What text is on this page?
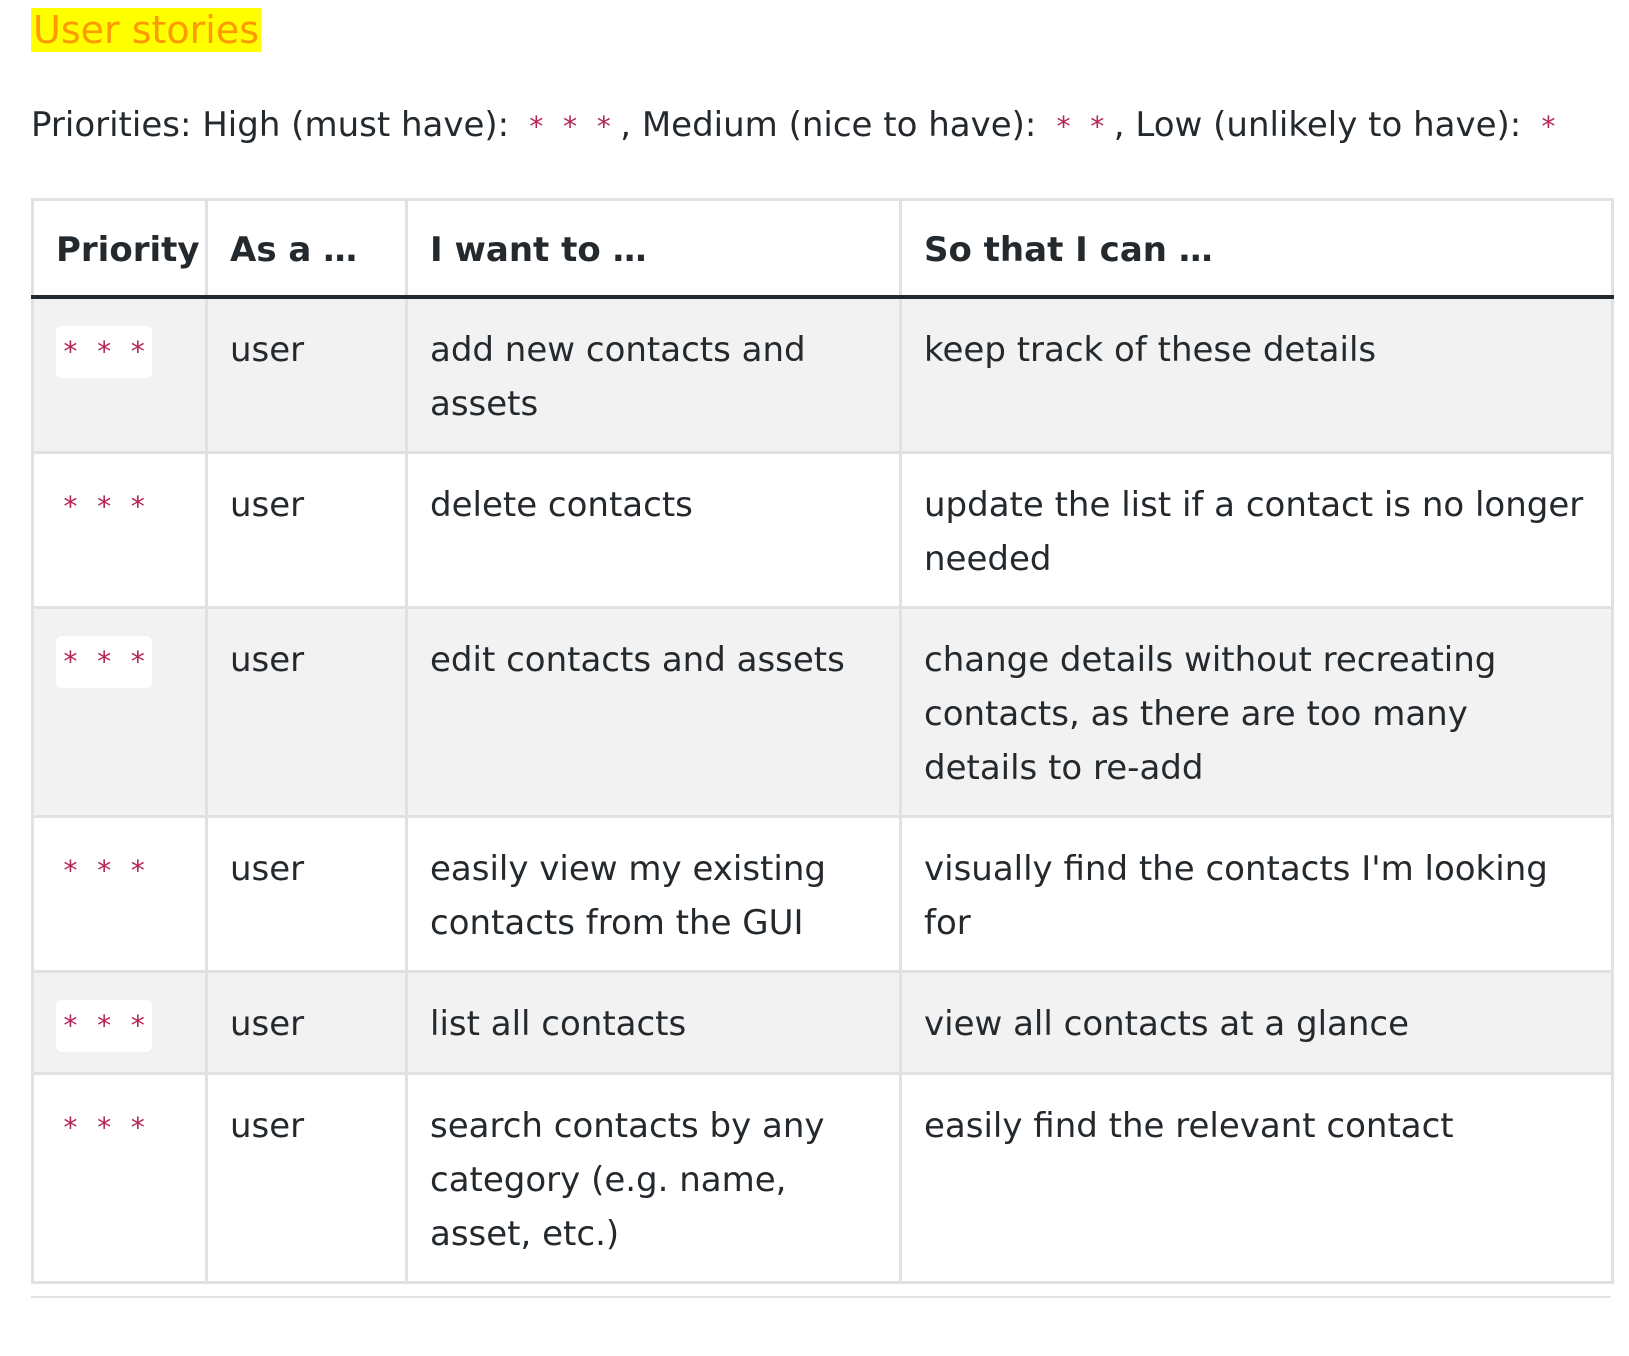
User stories
Priorities: High (must have): * * * , Medium (nice to have): * * , Low (unlikely to have): *
Priority	As a …	I want to …	So that I can …
* * *	user	add new contacts and assets	keep track of these details
* * *	user	delete contacts	update the list if a contact is no longer needed
* * *	user	edit contacts and assets	change details without recreating contacts, as there are too many details to re-add
* * *	user	easily view my existing contacts from the GUI	visually find the contacts I'm looking for
* * *	user	list all contacts	view all contacts at a glance
* * *	user	search contacts by any category (e.g. name, asset, etc.)	easily find the relevant contact
